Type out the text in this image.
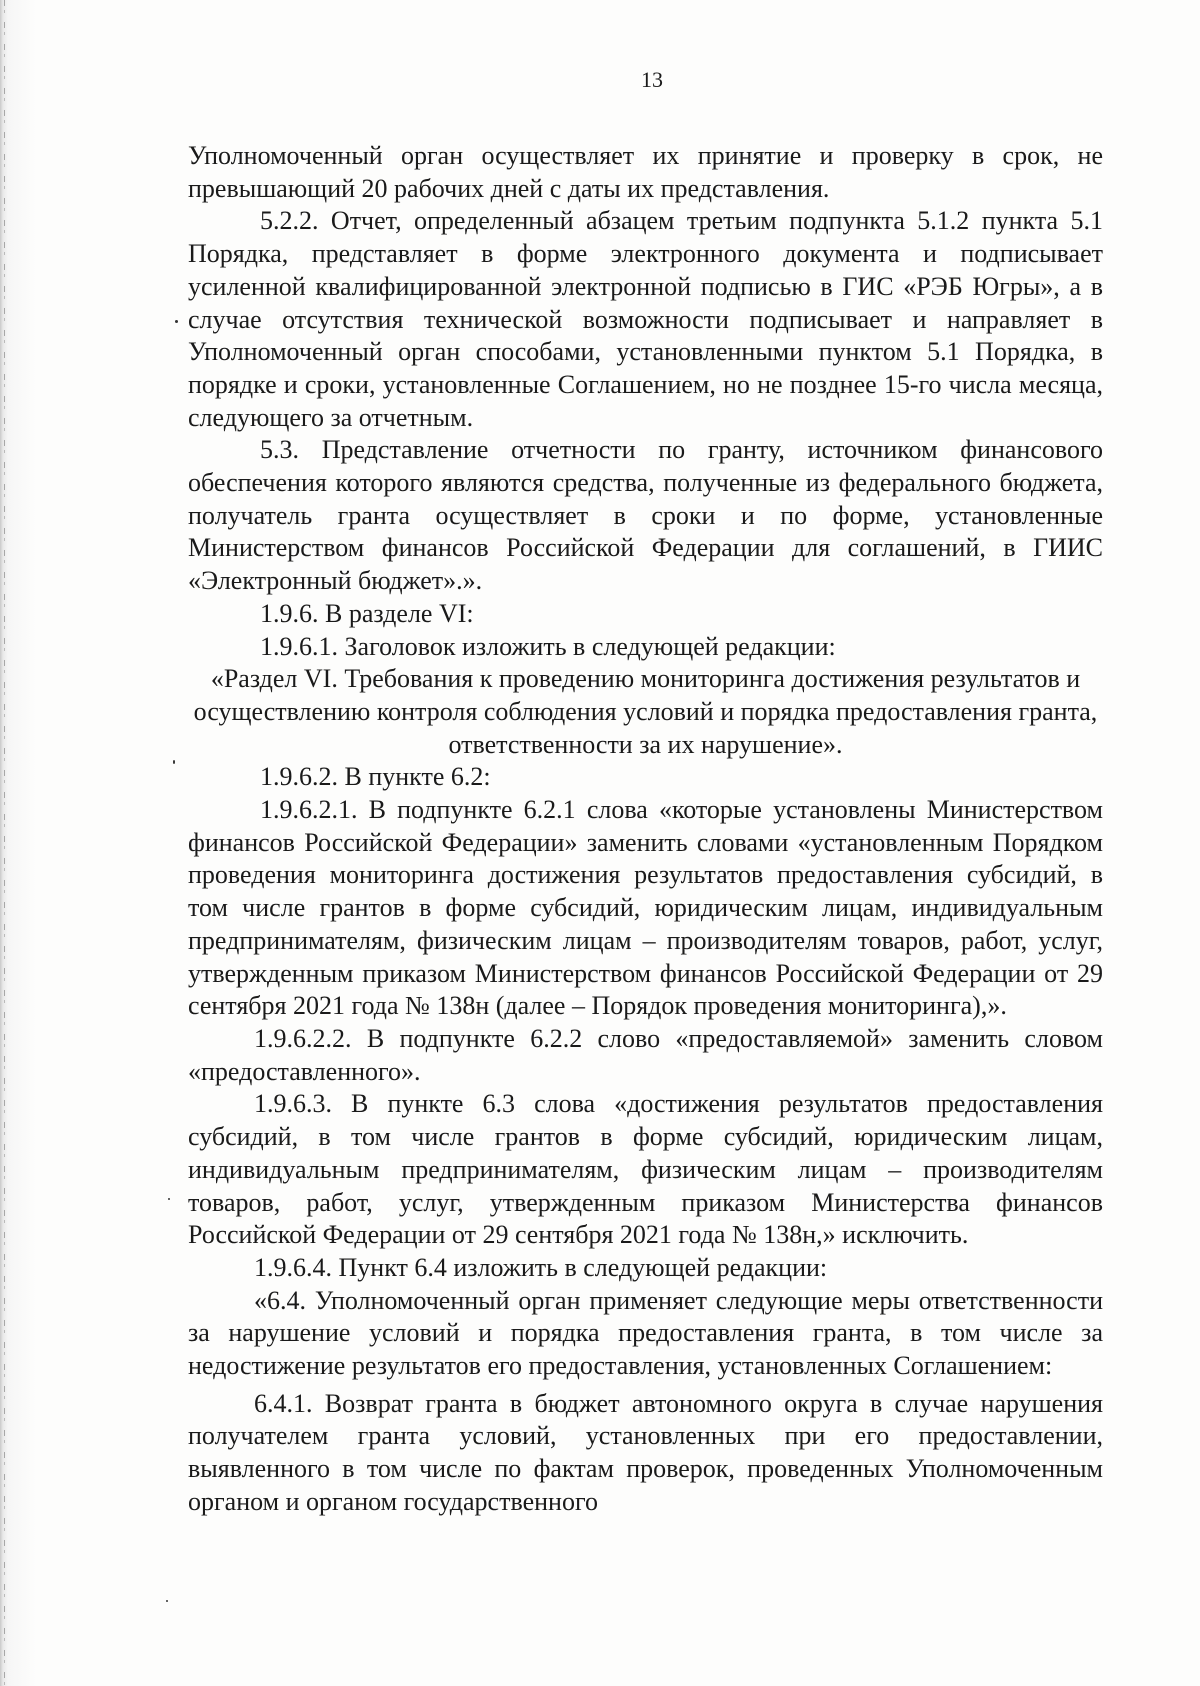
13

Уполномоченный орган осуществляет их принятие и проверку в срок, не превышающий 20 рабочих дней с даты их представления.

5.2.2. Отчет, определенный абзацем третьим подпункта 5.1.2 пункта 5.1 Порядка, представляет в форме электронного документа и подписывает усиленной квалифицированной электронной подписью в ГИС «РЭБ Югры», а в случае отсутствия технической возможности подписывает и направляет в Уполномоченный орган способами, установленными пунктом 5.1 Порядка, в порядке и сроки, установленные Соглашением, но не позднее 15-го числа месяца, следующего за отчетным.

5.3. Представление отчетности по гранту, источником финансового обеспечения которого являются средства, полученные из федерального бюджета, получатель гранта осуществляет в сроки и по форме, установленные Министерством финансов Российской Федерации для соглашений, в ГИИС «Электронный бюджет».».

1.9.6. В разделе VI:

1.9.6.1. Заголовок изложить в следующей редакции:

«Раздел VI. Требования к проведению мониторинга достижения результатов и осуществлению контроля соблюдения условий и порядка предоставления гранта, ответственности за их нарушение».

1.9.6.2. В пункте 6.2:

1.9.6.2.1. В подпункте 6.2.1 слова «которые установлены Министерством финансов Российской Федерации» заменить словами «установленным Порядком проведения мониторинга достижения результатов предоставления субсидий, в том числе грантов в форме субсидий, юридическим лицам, индивидуальным предпринимателям, физическим лицам – производителям товаров, работ, услуг, утвержденным приказом Министерством финансов Российской Федерации от 29 сентября 2021 года № 138н (далее – Порядок проведения мониторинга),».

1.9.6.2.2. В подпункте 6.2.2 слово «предоставляемой» заменить словом «предоставленного».

1.9.6.3. В пункте 6.3 слова «достижения результатов предоставления субсидий, в том числе грантов в форме субсидий, юридическим лицам, индивидуальным предпринимателям, физическим лицам – производителям товаров, работ, услуг, утвержденным приказом Министерства финансов Российской Федерации от 29 сентября 2021 года № 138н,» исключить.

1.9.6.4. Пункт 6.4 изложить в следующей редакции:

«6.4. Уполномоченный орган применяет следующие меры ответственности за нарушение условий и порядка предоставления гранта, в том числе за недостижение результатов его предоставления, установленных Соглашением:

6.4.1. Возврат гранта в бюджет автономного округа в случае нарушения получателем гранта условий, установленных при его предоставлении, выявленного в том числе по фактам проверок, проведенных Уполномоченным органом и органом государственного
